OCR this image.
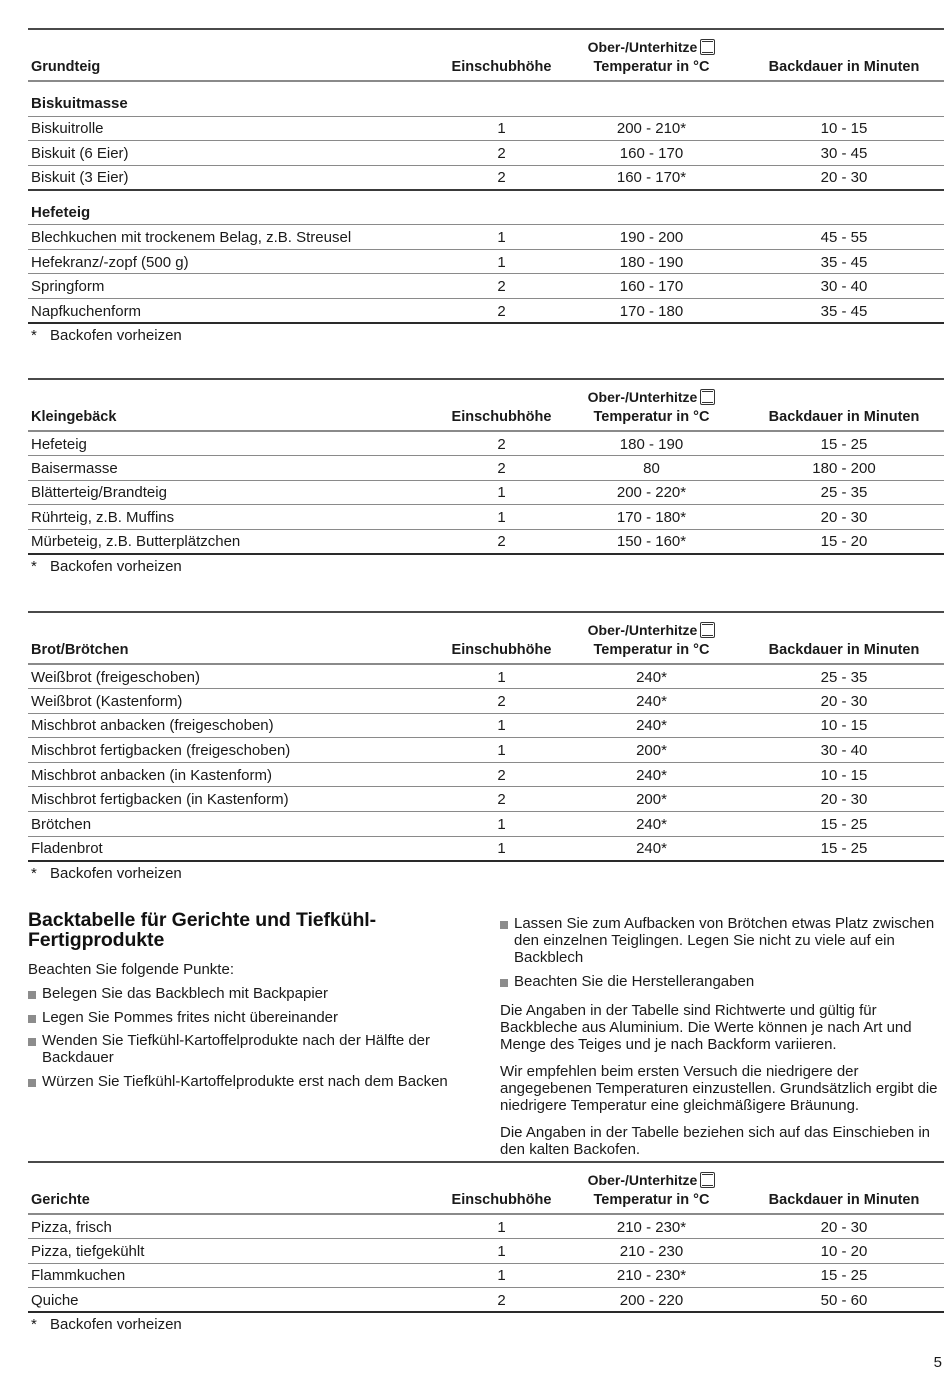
		Ober-/Unterhitze	
Grundteig	Einschubhöhe	Temperatur in °C	Backdauer in Minuten
Biskuitmasse			
Biskuitrolle	1	200 - 210*	10 - 15
Biskuit (6 Eier)	2	160 - 170	30 - 45
Biskuit (3 Eier)	2	160 - 170*	20 - 30
Hefeteig			
Blechkuchen mit trockenem Belag, z.B. Streusel	1	190 - 200	45 - 55
Hefekranz/-zopf (500 g)	1	180 - 190	35 - 45
Springform	2	160 - 170	30 - 40
Napfkuchenform	2	170 - 180	35 - 45
* Backofen vorheizen
		Ober-/Unterhitze	
Kleingebäck	Einschubhöhe	Temperatur in °C	Backdauer in Minuten
Hefeteig	2	180 - 190	15 - 25
Baisermasse	2	80	180 - 200
Blätterteig/Brandteig	1	200 - 220*	25 - 35
Rührteig, z.B. Muffins	1	170 - 180*	20 - 30
Mürbeteig, z.B. Butterplätzchen	2	150 - 160*	15 - 20
* Backofen vorheizen
		Ober-/Unterhitze	
Brot/Brötchen	Einschubhöhe	Temperatur in °C	Backdauer in Minuten
Weißbrot (freigeschoben)	1	240*	25 - 35
Weißbrot (Kastenform)	2	240*	20 - 30
Mischbrot anbacken (freigeschoben)	1	240*	10 - 15
Mischbrot fertigbacken (freigeschoben)	1	200*	30 - 40
Mischbrot anbacken (in Kastenform)	2	240*	10 - 15
Mischbrot fertigbacken (in Kastenform)	2	200*	20 - 30
Brötchen	1	240*	15 - 25
Fladenbrot	1	240*	15 - 25
* Backofen vorheizen
Backtabelle für Gerichte und Tiefkühl-
Fertigprodukte

Beachten Sie folgende Punkte:

Belegen Sie das Backblech mit Backpapier
Legen Sie Pommes frites nicht übereinander
Wenden Sie Tiefkühl-Kartoffelprodukte nach der Hälfte der Backdauer
Würzen Sie Tiefkühl-Kartoffelprodukte erst nach dem Backen
Lassen Sie zum Aufbacken von Brötchen etwas Platz zwischen den einzelnen Teiglingen. Legen Sie nicht zu viele auf ein Backblech
Beachten Sie die Herstellerangaben

Die Angaben in der Tabelle sind Richtwerte und gültig für Backbleche aus Aluminium. Die Werte können je nach Art und Menge des Teiges und je nach Backform variieren.

Wir empfehlen beim ersten Versuch die niedrigere der angegebenen Temperaturen einzustellen. Grundsätzlich ergibt die niedrigere Temperatur eine gleichmäßigere Bräunung.

Die Angaben in der Tabelle beziehen sich auf das Einschieben in den kalten Backofen.

		Ober-/Unterhitze	
Gerichte	Einschubhöhe	Temperatur in °C	Backdauer in Minuten
Pizza, frisch	1	210 - 230*	20 - 30
Pizza, tiefgekühlt	1	210 - 230	10 - 20
Flammkuchen	1	210 - 230*	15 - 25
Quiche	2	200 - 220	50 - 60
* Backofen vorheizen
5
